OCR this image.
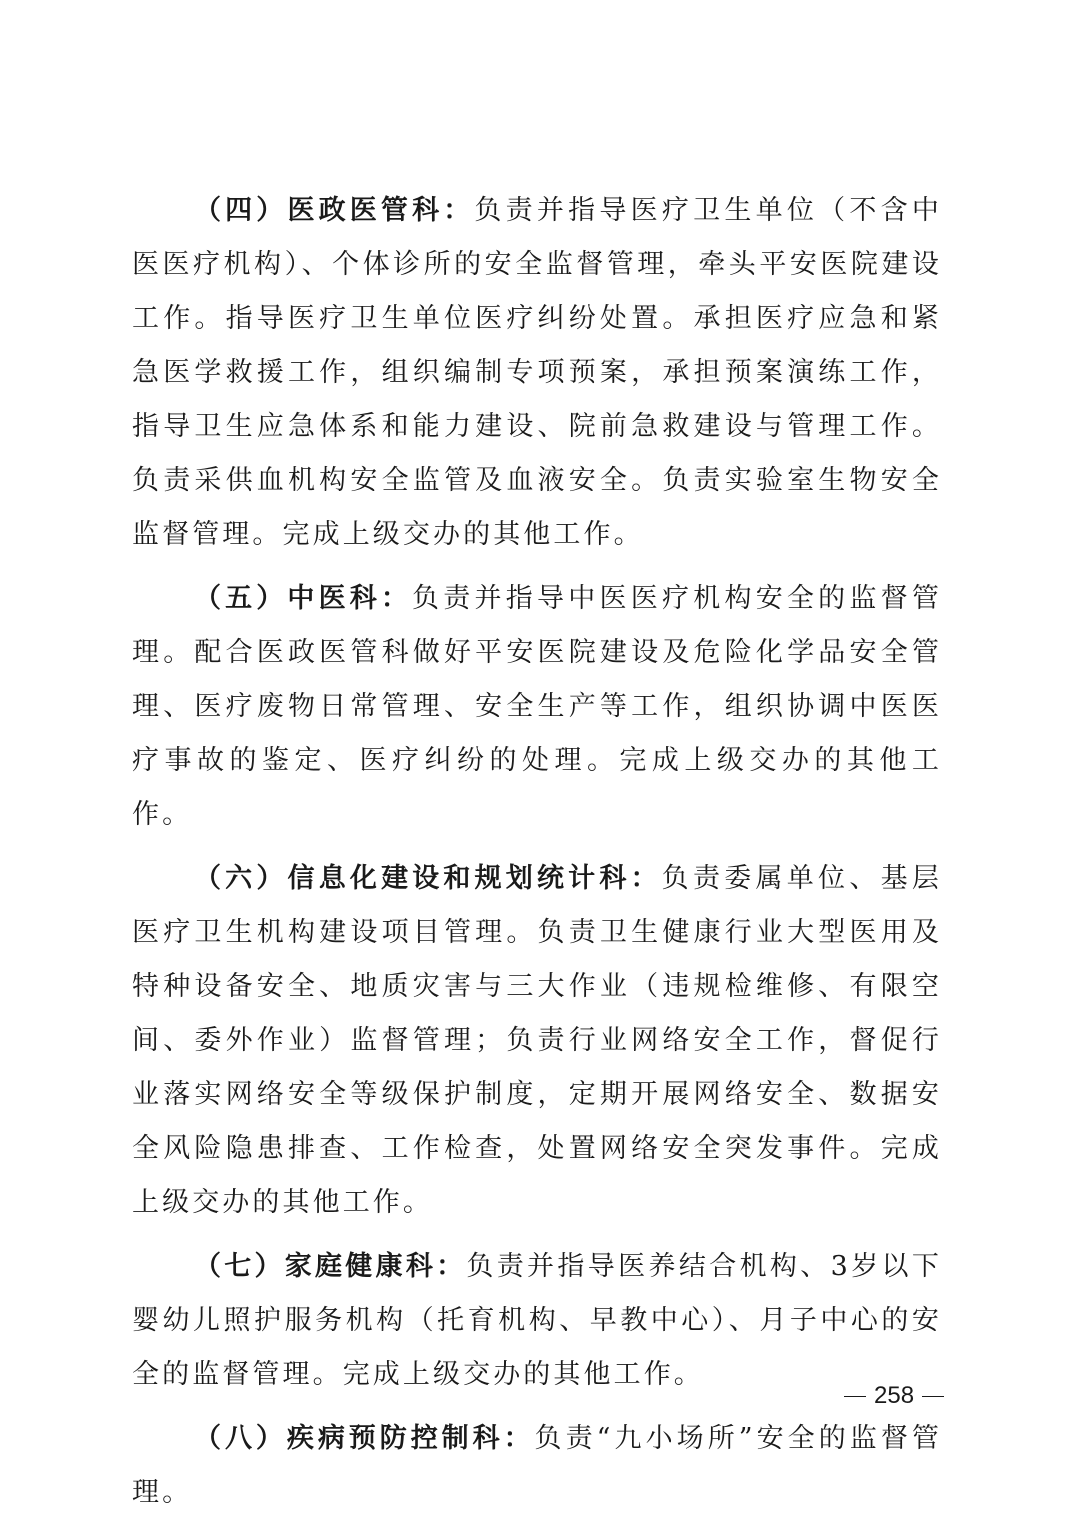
（四）医政医管科：负责并指导医疗卫生单位（不含中医医疗机构）、个体诊所的安全监督管理，牵头平安医院建设工作。指导医疗卫生单位医疗纠纷处置。承担医疗应急和紧急医学救援工作，组织编制专项预案，承担预案演练工作，指导卫生应急体系和能力建设、院前急救建设与管理工作。负责采供血机构安全监管及血液安全。负责实验室生物安全监督管理。完成上级交办的其他工作。

（五）中医科：负责并指导中医医疗机构安全的监督管理。配合医政医管科做好平安医院建设及危险化学品安全管理、医疗废物日常管理、安全生产等工作，组织协调中医医疗事故的鉴定、医疗纠纷的处理。完成上级交办的其他工作。

（六）信息化建设和规划统计科：负责委属单位、基层医疗卫生机构建设项目管理。负责卫生健康行业大型医用及特种设备安全、地质灾害与三大作业（违规检维修、有限空间、委外作业）监督管理；负责行业网络安全工作，督促行业落实网络安全等级保护制度，定期开展网络安全、数据安全风险隐患排查、工作检查，处置网络安全突发事件。完成上级交办的其他工作。

（七）家庭健康科：负责并指导医养结合机构、3岁以下婴幼儿照护服务机构（托育机构、早教中心）、月子中心的安全的监督管理。完成上级交办的其他工作。

（八）疾病预防控制科：负责“九小场所”安全的监督管理。

258
